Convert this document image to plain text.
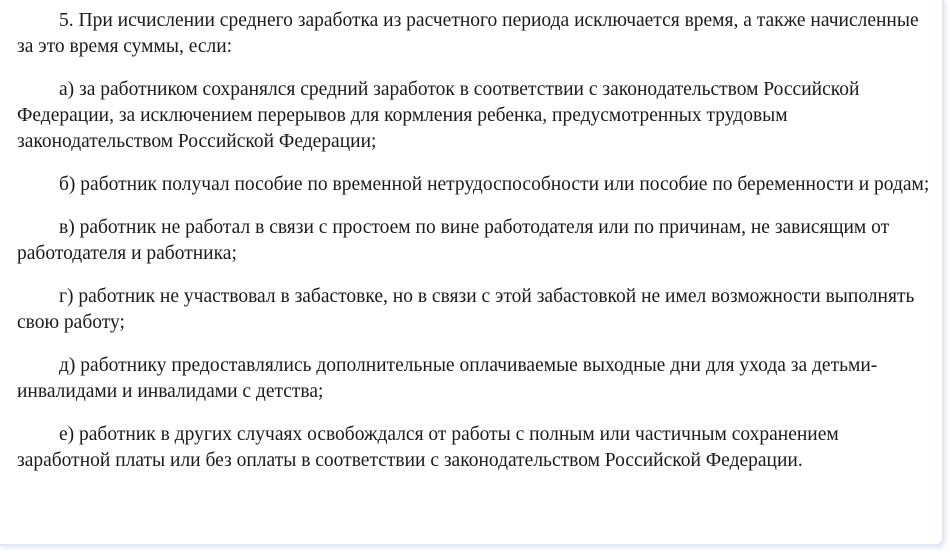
5. При исчислении среднего заработка из расчетного периода исключается время, а также начисленные за это время суммы, если:

а) за работником сохранялся средний заработок в соответствии с законодательством Российской Федерации, за исключением перерывов для кормления ребенка, предусмотренных трудовым законодательством Российской Федерации;

б) работник получал пособие по временной нетрудоспособности или пособие по беременности и родам;

в) работник не работал в связи с простоем по вине работодателя или по причинам, не зависящим от работодателя и работника;

г) работник не участвовал в забастовке, но в связи с этой забастовкой не имел возможности выполнять свою работу;

д) работнику предоставлялись дополнительные оплачиваемые выходные дни для ухода за детьми-инвалидами и инвалидами с детства;

е) работник в других случаях освобождался от работы с полным или частичным сохранением заработной платы или без оплаты в соответствии с законодательством Российской Федерации.
